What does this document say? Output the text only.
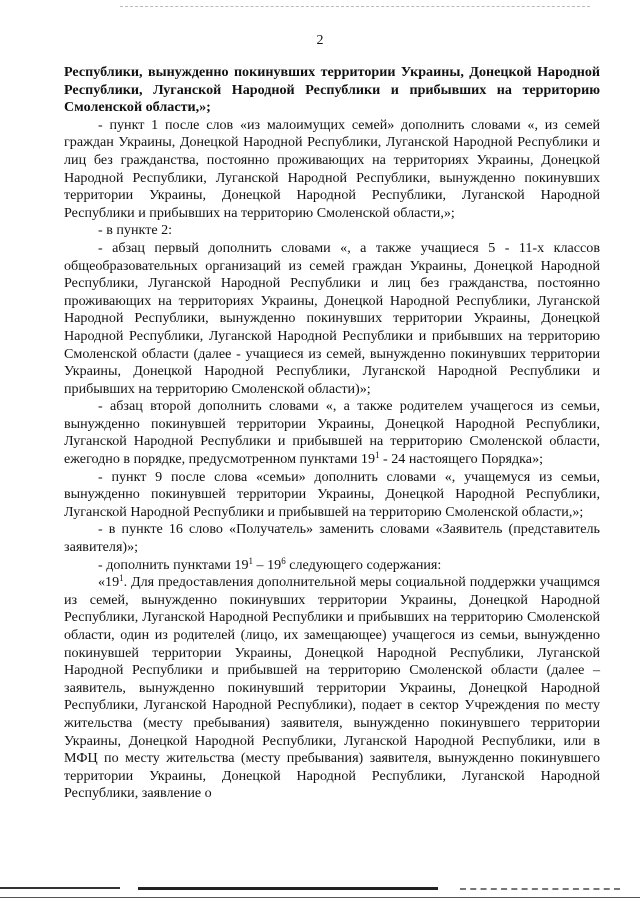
2

Республики, вынужденно покинувших территории Украины, Донецкой Народной Республики, Луганской Народной Республики и прибывших на территорию Смоленской области,»;

- пункт 1 после слов «из малоимущих семей» дополнить словами «, из семей граждан Украины, Донецкой Народной Республики, Луганской Народной Республики и лиц без гражданства, постоянно проживающих на территориях Украины, Донецкой Народной Республики, Луганской Народной Республики, вынужденно покинувших территории Украины, Донецкой Народной Республики, Луганской Народной Республики и прибывших на территорию Смоленской области,»;

- в пункте 2:

- абзац первый дополнить словами «, а также учащиеся 5 - 11-х классов общеобразовательных организаций из семей граждан Украины, Донецкой Народной Республики, Луганской Народной Республики и лиц без гражданства, постоянно проживающих на территориях Украины, Донецкой Народной Республики, Луганской Народной Республики, вынужденно покинувших территории Украины, Донецкой Народной Республики, Луганской Народной Республики и прибывших на территорию Смоленской области (далее - учащиеся из семей, вынужденно покинувших территории Украины, Донецкой Народной Республики, Луганской Народной Республики и прибывших на территорию Смоленской области)»;

- абзац второй дополнить словами «, а также родителем учащегося из семьи, вынужденно покинувшей территории Украины, Донецкой Народной Республики, Луганской Народной Республики и прибывшей на территорию Смоленской области, ежегодно в порядке, предусмотренном пунктами $19^1 - 24$ настоящего Порядка»;

- пункт 9 после слова «семьи» дополнить словами «, учащемуся из семьи, вынужденно покинувшей территории Украины, Донецкой Народной Республики, Луганской Народной Республики и прибывшей на территорию Смоленской области,»;

- в пункте 16 слово «Получатель» заменить словами «Заявитель (представитель заявителя)»;

- дополнить пунктами $19^1 - 19^6$ следующего содержания:

«$19^1$. Для предоставления дополнительной меры социальной поддержки учащимся из семей, вынужденно покинувших территории Украины, Донецкой Народной Республики, Луганской Народной Республики и прибывших на территорию Смоленской области, один из родителей (лицо, их замещающее) учащегося из семьи, вынужденно покинувшей территории Украины, Донецкой Народной Республики, Луганской Народной Республики и прибывшей на территорию Смоленской области (далее – заявитель, вынужденно покинувший территории Украины, Донецкой Народной Республики, Луганской Народной Республики), подает в сектор Учреждения по месту жительства (месту пребывания) заявителя, вынужденно покинувшего территории Украины, Донецкой Народной Республики, Луганской Народной Республики, или в МФЦ по месту жительства (месту пребывания) заявителя, вынужденно покинувшего территории Украины, Донецкой Народной Республики, Луганской Народной Республики, заявление о
